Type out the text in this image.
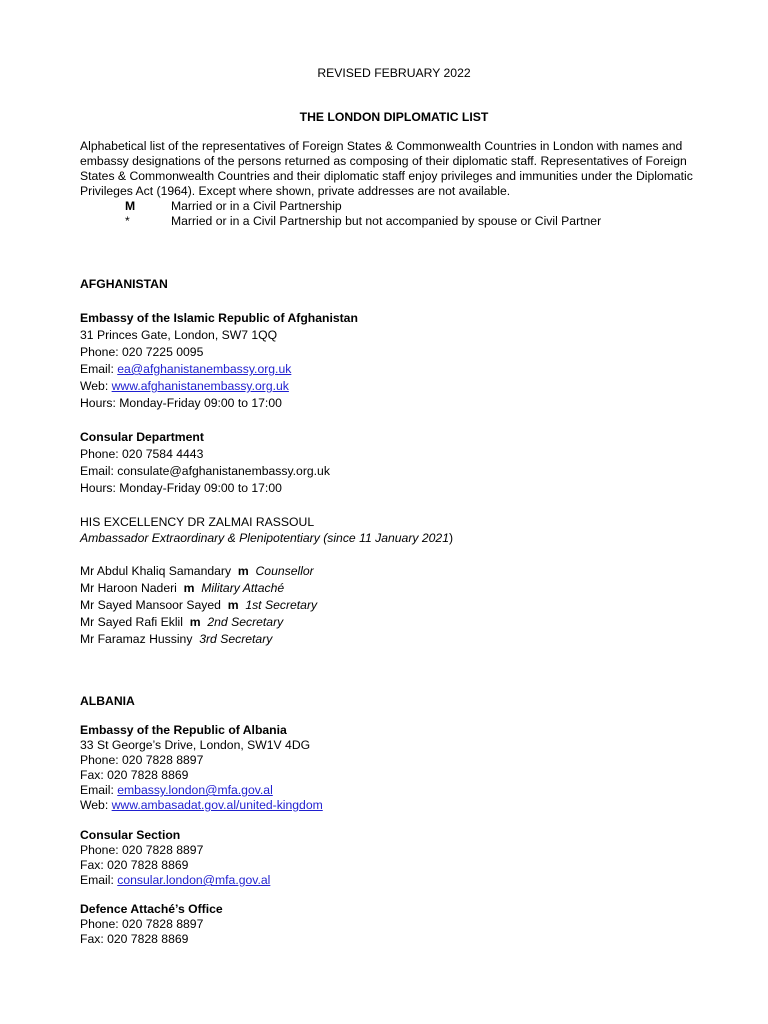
REVISED FEBRUARY 2022
THE LONDON DIPLOMATIC LIST
Alphabetical list of the representatives of Foreign States & Commonwealth Countries in London with names and embassy designations of the persons returned as composing of their diplomatic staff. Representatives of Foreign States & Commonwealth Countries and their diplomatic staff enjoy privileges and immunities under the Diplomatic Privileges Act (1964). Except where shown, private addresses are not available.
M	Married or in a Civil Partnership
*	Married or in a Civil Partnership but not accompanied by spouse or Civil Partner
AFGHANISTAN
Embassy of the Islamic Republic of Afghanistan
31 Princes Gate, London, SW7 1QQ
Phone: 020 7225 0095
Email: ea@afghanistanembassy.org.uk
Web: www.afghanistanembassy.org.uk
Hours: Monday-Friday 09:00 to 17:00
Consular Department
Phone: 020 7584 4443
Email: consulate@afghanistanembassy.org.uk
Hours: Monday-Friday 09:00 to 17:00
HIS EXCELLENCY DR ZALMAI RASSOUL
Ambassador Extraordinary & Plenipotentiary (since 11 January 2021)
Mr Abdul Khaliq Samandary m Counsellor
Mr Haroon Naderi m Military Attaché
Mr Sayed Mansoor Sayed m 1st Secretary
Mr Sayed Rafi Eklil m 2nd Secretary
Mr Faramaz Hussiny 3rd Secretary
ALBANIA
Embassy of the Republic of Albania
33 St George’s Drive, London, SW1V 4DG
Phone: 020 7828 8897
Fax: 020 7828 8869
Email: embassy.london@mfa.gov.al
Web: www.ambasadat.gov.al/united-kingdom
Consular Section
Phone: 020 7828 8897
Fax: 020 7828 8869
Email: consular.london@mfa.gov.al
Defence Attaché’s Office
Phone: 020 7828 8897
Fax: 020 7828 8869
